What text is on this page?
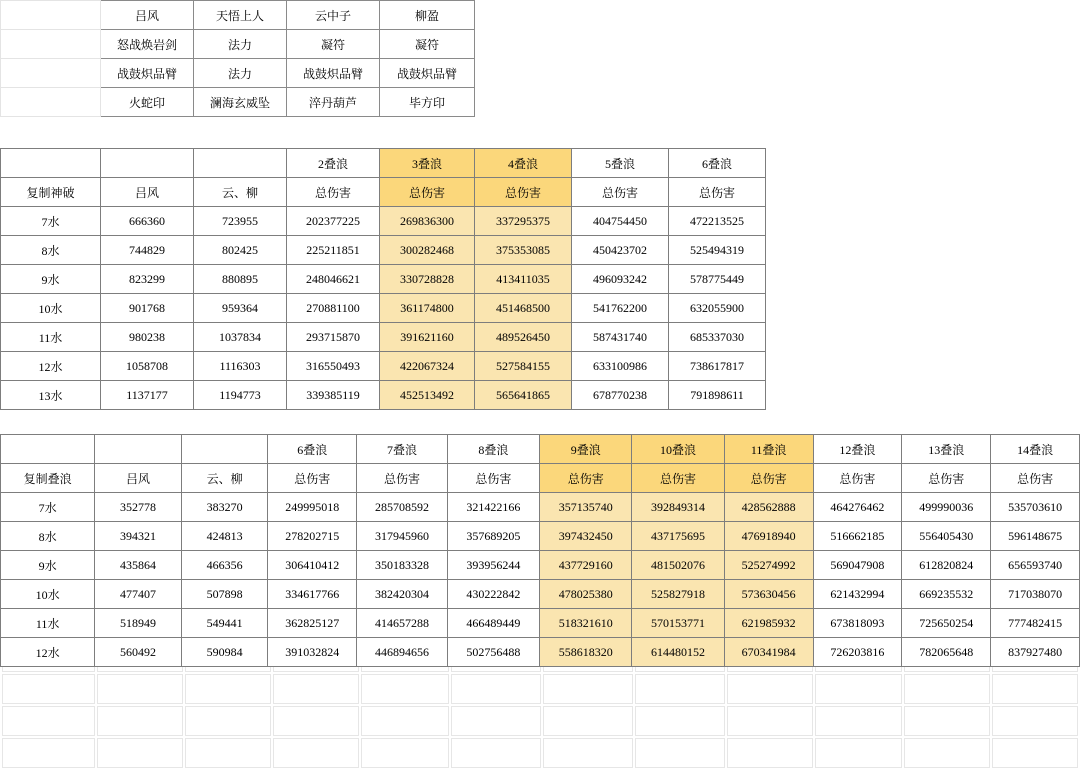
	吕风	天悟上人	云中子	柳盈
	怒战焕岩剑	法力	凝符	凝符
	战鼓炽品臂	法力	战鼓炽品臂	战鼓炽品臂
	火蛇印	澜海玄威坠	淬丹葫芦	毕方印
			2叠浪	3叠浪	4叠浪	5叠浪	6叠浪
复制神破	吕风	云、柳	总伤害	总伤害	总伤害	总伤害	总伤害
7水	666360	723955	202377225	269836300	337295375	404754450	472213525
8水	744829	802425	225211851	300282468	375353085	450423702	525494319
9水	823299	880895	248046621	330728828	413411035	496093242	578775449
10水	901768	959364	270881100	361174800	451468500	541762200	632055900
11水	980238	1037834	293715870	391621160	489526450	587431740	685337030
12水	1058708	1116303	316550493	422067324	527584155	633100986	738617817
13水	1137177	1194773	339385119	452513492	565641865	678770238	791898611
			6叠浪	7叠浪	8叠浪	9叠浪	10叠浪	11叠浪	12叠浪	13叠浪	14叠浪
复制叠浪	吕风	云、柳	总伤害	总伤害	总伤害	总伤害	总伤害	总伤害	总伤害	总伤害	总伤害
7水	352778	383270	249995018	285708592	321422166	357135740	392849314	428562888	464276462	499990036	535703610
8水	394321	424813	278202715	317945960	357689205	397432450	437175695	476918940	516662185	556405430	596148675
9水	435864	466356	306410412	350183328	393956244	437729160	481502076	525274992	569047908	612820824	656593740
10水	477407	507898	334617766	382420304	430222842	478025380	525827918	573630456	621432994	669235532	717038070
11水	518949	549441	362825127	414657288	466489449	518321610	570153771	621985932	673818093	725650254	777482415
12水	560492	590984	391032824	446894656	502756488	558618320	614480152	670341984	726203816	782065648	837927480
